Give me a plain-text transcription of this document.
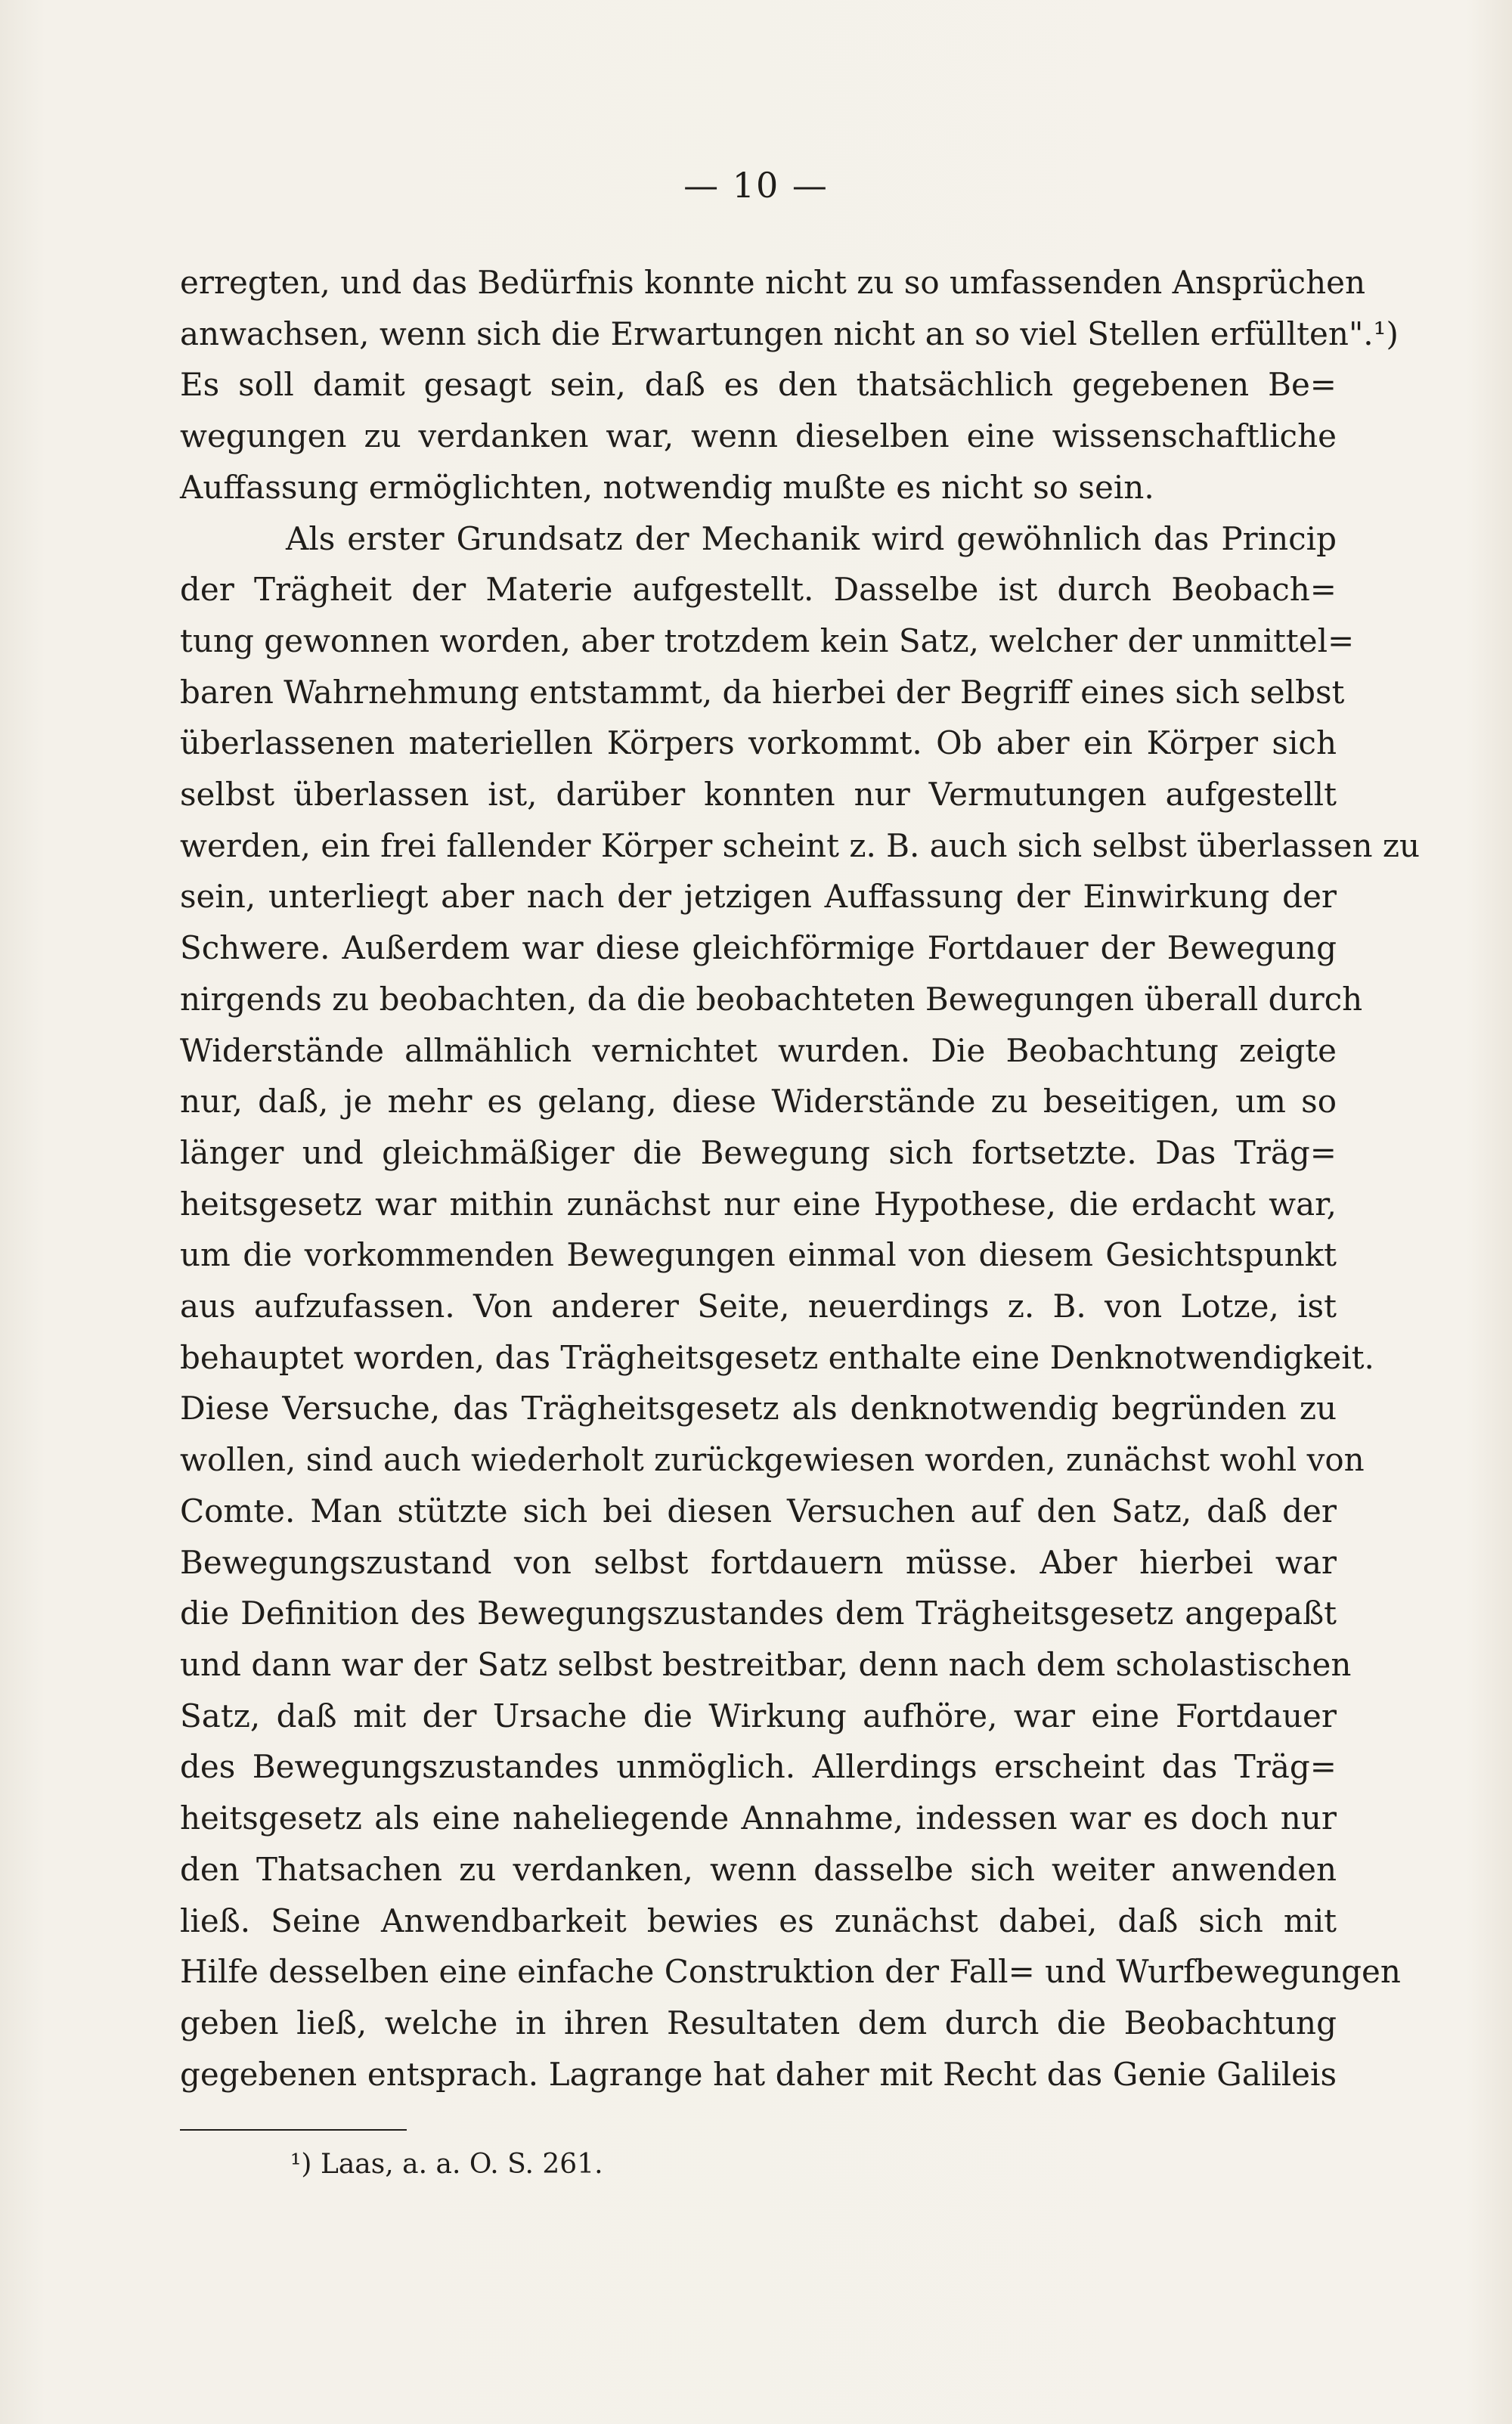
— 10 —
erregten, und das Bedürfnis konnte nicht zu so umfassenden Ansprüchen
anwachsen, wenn sich die Erwartungen nicht an so viel Stellen erfüllten".¹)
Es soll damit gesagt sein, daß es den thatsächlich gegebenen Be=
wegungen zu verdanken war, wenn dieselben eine wissenschaftliche
Auffassung ermöglichten, notwendig mußte es nicht so sein.
Als erster Grundsatz der Mechanik wird gewöhnlich das Princip
der Trägheit der Materie aufgestellt. Dasselbe ist durch Beobach=
tung gewonnen worden, aber trotzdem kein Satz, welcher der unmittel=
baren Wahrnehmung entstammt, da hierbei der Begriff eines sich selbst
überlassenen materiellen Körpers vorkommt. Ob aber ein Körper sich
selbst überlassen ist, darüber konnten nur Vermutungen aufgestellt
werden, ein frei fallender Körper scheint z. B. auch sich selbst überlassen zu
sein, unterliegt aber nach der jetzigen Auffassung der Einwirkung der
Schwere. Außerdem war diese gleichförmige Fortdauer der Bewegung
nirgends zu beobachten, da die beobachteten Bewegungen überall durch
Widerstände allmählich vernichtet wurden. Die Beobachtung zeigte
nur, daß, je mehr es gelang, diese Widerstände zu beseitigen, um so
länger und gleichmäßiger die Bewegung sich fortsetzte. Das Träg=
heitsgesetz war mithin zunächst nur eine Hypothese, die erdacht war,
um die vorkommenden Bewegungen einmal von diesem Gesichtspunkt
aus aufzufassen. Von anderer Seite, neuerdings z. B. von Lotze, ist
behauptet worden, das Trägheitsgesetz enthalte eine Denknotwendigkeit.
Diese Versuche, das Trägheitsgesetz als denknotwendig begründen zu
wollen, sind auch wiederholt zurückgewiesen worden, zunächst wohl von
Comte. Man stützte sich bei diesen Versuchen auf den Satz, daß der
Bewegungszustand von selbst fortdauern müsse. Aber hierbei war
die Definition des Bewegungszustandes dem Trägheitsgesetz angepaßt
und dann war der Satz selbst bestreitbar, denn nach dem scholastischen
Satz, daß mit der Ursache die Wirkung aufhöre, war eine Fortdauer
des Bewegungszustandes unmöglich. Allerdings erscheint das Träg=
heitsgesetz als eine naheliegende Annahme, indessen war es doch nur
den Thatsachen zu verdanken, wenn dasselbe sich weiter anwenden
ließ. Seine Anwendbarkeit bewies es zunächst dabei, daß sich mit
Hilfe desselben eine einfache Construktion der Fall= und Wurfbewegungen
geben ließ, welche in ihren Resultaten dem durch die Beobachtung
gegebenen entsprach. Lagrange hat daher mit Recht das Genie Galileis
¹) Laas, a. a. O. S. 261.
